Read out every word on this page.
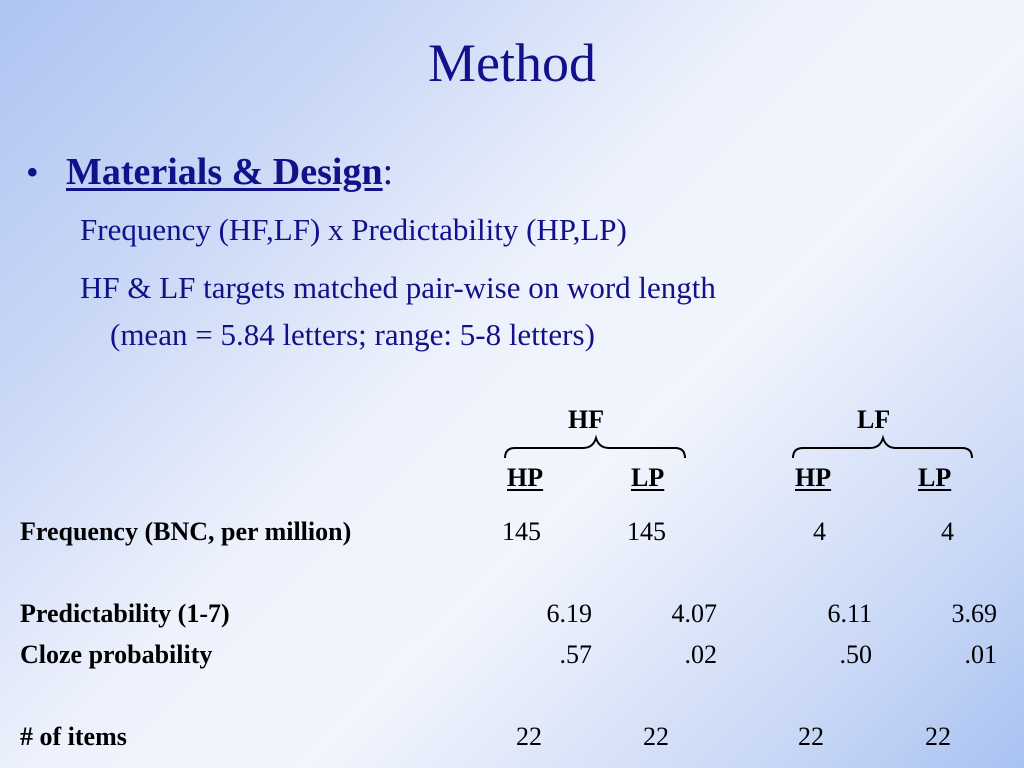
Method
• Materials & Design :
Frequency (HF,LF) x Predictability (HP,LP)
HF & LF targets matched pair-wise on word length
(mean = 5.84 letters; range: 5-8 letters)
HF	LF
HP	LP	HP	LP
Frequency (BNC, per million)	145	145	4	4
Predictability (1-7)	6.19	4.07	6.11	3.69
Cloze probability	.57	.02	.50	.01
# of items	22	22	22	22
